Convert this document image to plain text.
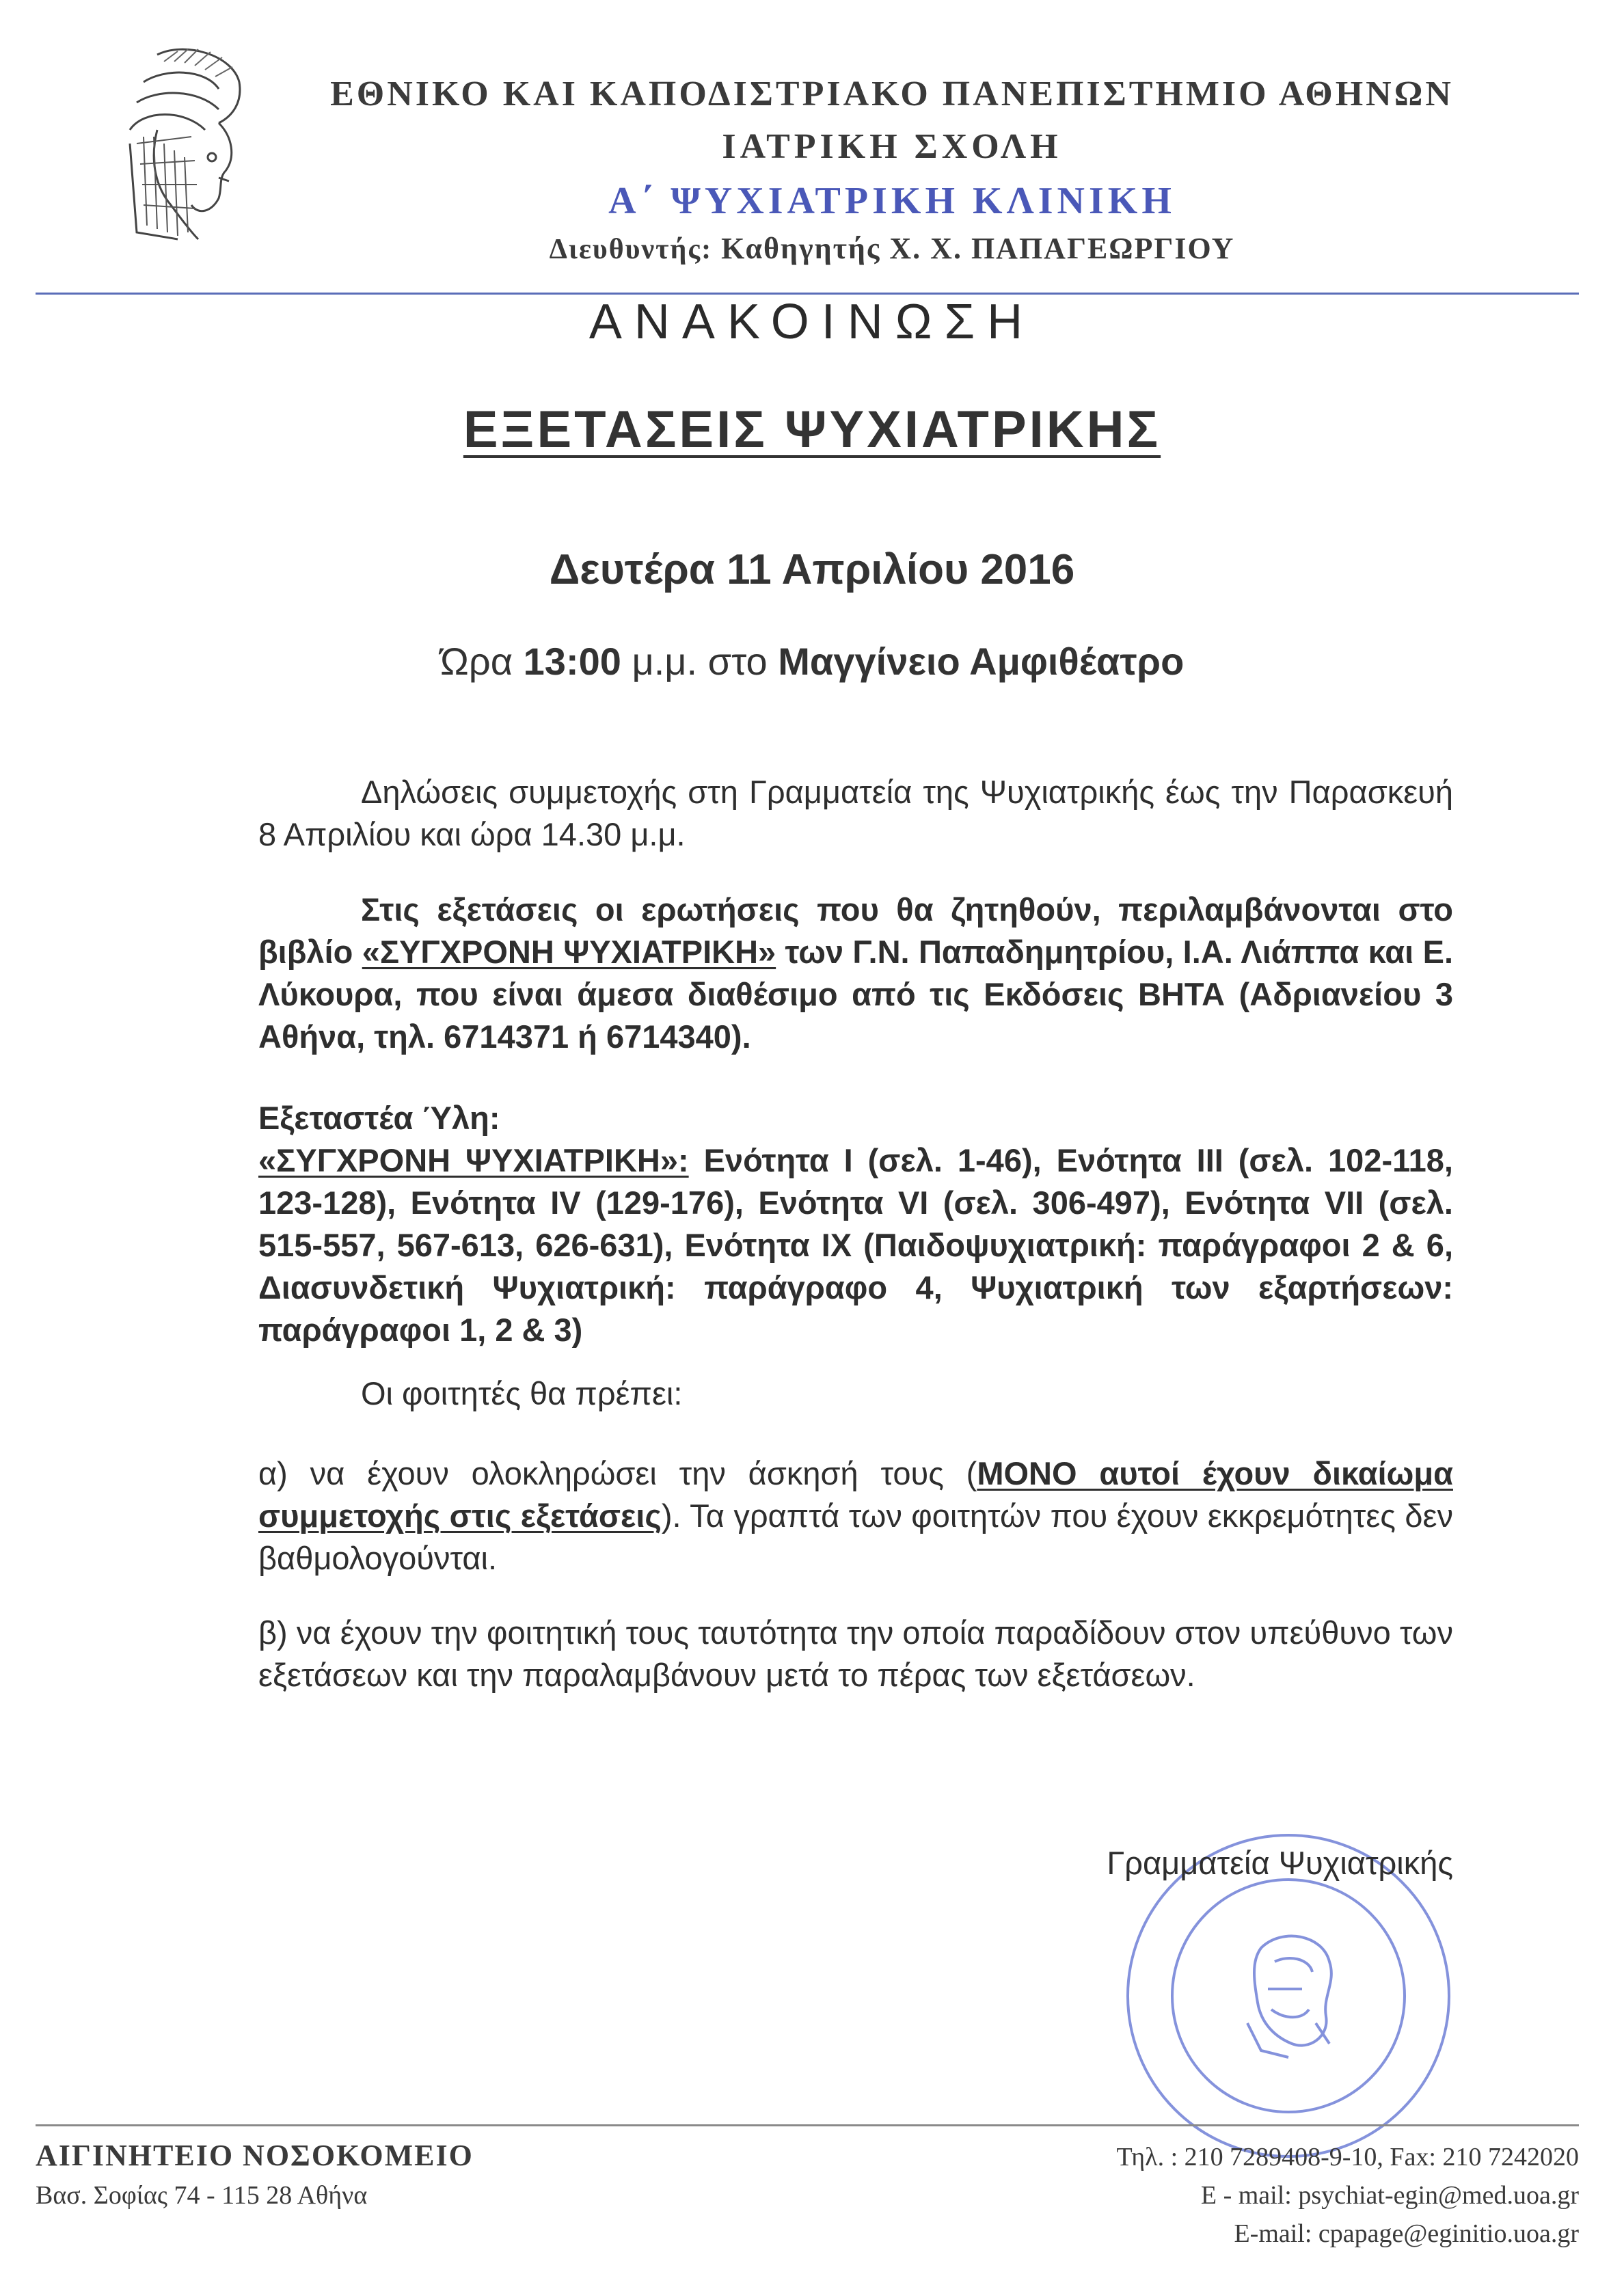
ΕΘΝΙΚΟ ΚΑΙ ΚΑΠΟΔΙΣΤΡΙΑΚΟ ΠΑΝΕΠΙΣΤΗΜΙΟ ΑΘΗΝΩΝ
ΙΑΤΡΙΚΗ ΣΧΟΛΗ
Α΄ ΨΥΧΙΑΤΡΙΚΗ ΚΛΙΝΙΚΗ
Διευθυντής: Καθηγητής Χ. Χ. ΠΑΠΑΓΕΩΡΓΙΟΥ
ΑΝΑΚΟΙΝΩΣΗ
ΕΞΕΤΑΣΕΙΣ ΨΥΧΙΑΤΡΙΚΗΣ
Δευτέρα 11 Απριλίου 2016
Ώρα 13:00 μ.μ. στο Μαγγίνειο Αμφιθέατρο
Δηλώσεις συμμετοχής στη Γραμματεία της Ψυχιατρικής έως την Παρασκευή 8 Απριλίου και ώρα 14.30 μ.μ.
Στις εξετάσεις οι ερωτήσεις που θα ζητηθούν, περιλαμβάνονται στο βιβλίο «ΣΥΓΧΡΟΝΗ ΨΥΧΙΑΤΡΙΚΗ» των Γ.Ν. Παπαδημητρίου, Ι.Α. Λιάππα και Ε. Λύκουρα, που είναι άμεσα διαθέσιμο από τις Εκδόσεις ΒΗΤΑ (Αδριανείου 3 Αθήνα, τηλ. 6714371 ή 6714340).
Εξεταστέα Ύλη:
«ΣΥΓΧΡΟΝΗ ΨΥΧΙΑΤΡΙΚΗ»: Ενότητα Ι (σελ. 1-46), Ενότητα ΙΙΙ (σελ. 102-118, 123-128), Ενότητα IV (129-176), Ενότητα VI (σελ. 306-497), Ενότητα VII (σελ. 515-557, 567-613, 626-631), Ενότητα ΙΧ (Παιδοψυχιατρική: παράγραφοι 2 & 6, Διασυνδετική Ψυχιατρική: παράγραφο 4, Ψυχιατρική των εξαρτήσεων: παράγραφοι 1, 2 & 3)
Οι φοιτητές θα πρέπει:
α) να έχουν ολοκληρώσει την άσκησή τους (ΜΟΝΟ αυτοί έχουν δικαίωμα συμμετοχής στις εξετάσεις). Τα γραπτά των φοιτητών που έχουν εκκρεμότητες δεν βαθμολογούνται.
β) να έχουν την φοιτητική τους ταυτότητα την οποία παραδίδουν στον υπεύθυνο των εξετάσεων και την παραλαμβάνουν μετά το πέρας των εξετάσεων.
Γραμματεία Ψυχιατρικής
ΑΙΓΙΝΗΤΕΙΟ ΝΟΣΟΚΟΜΕΙΟ
Βασ. Σοφίας 74 - 115 28 Αθήνα
Τηλ. : 210 7289408-9-10, Fax: 210 7242020
E - mail: psychiat-egin@med.uoa.gr
E-mail: cpapage@eginitio.uoa.gr
